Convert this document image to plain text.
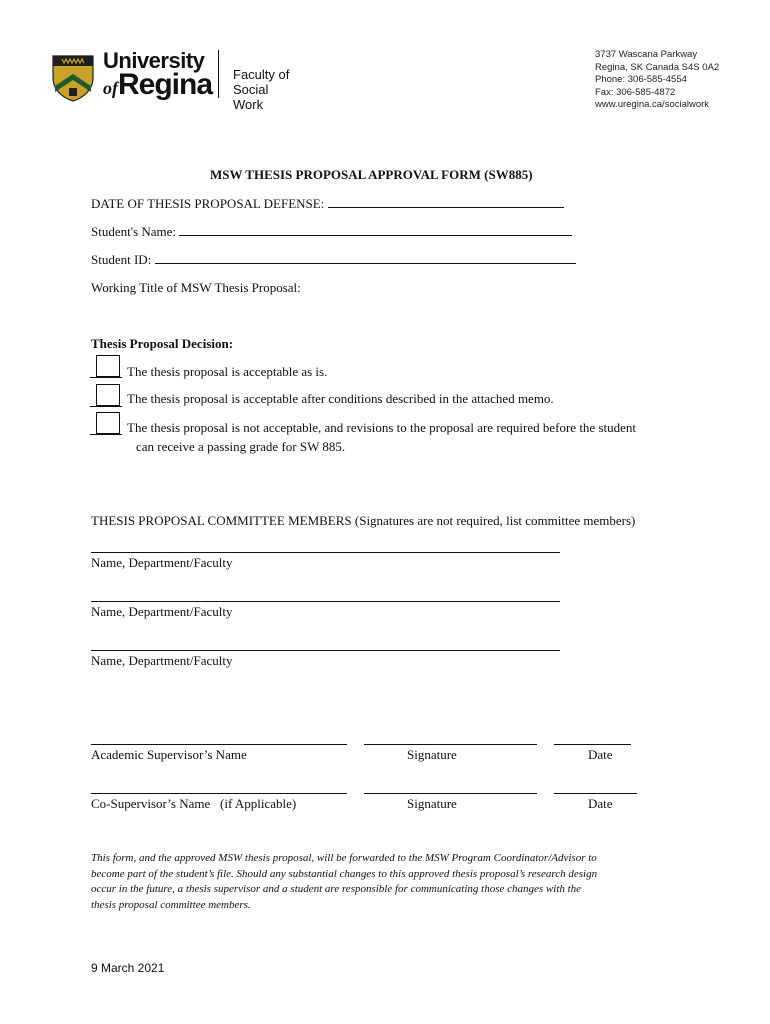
University
ofRegina Faculty of
Social Work
3737 Wascana Parkway
Regina, SK Canada S4S 0A2
Phone: 306-585-4554
Fax: 306-585-4872
www.uregina.ca/socialwork
MSW THESIS PROPOSAL APPROVAL FORM (SW885)
DATE OF THESIS PROPOSAL DEFENSE:
Student's Name:
Student ID:
Working Title of MSW Thesis Proposal:
Thesis Proposal Decision:
The thesis proposal is acceptable as is.
The thesis proposal is acceptable after conditions described in the attached memo.
The thesis proposal is not acceptable, and revisions to the proposal are required before the student
can receive a passing grade for SW 885.
THESIS PROPOSAL COMMITTEE MEMBERS (Signatures are not required, list committee members)
Name, Department/Faculty
Name, Department/Faculty
Name, Department/Faculty
Academic Supervisor’s Name	Signature	Date
Co-Supervisor’s Name   (if Applicable)	Signature	Date
This form, and the approved MSW thesis proposal, will be forwarded to the MSW Program Coordinator/Advisor to
become part of the student’s file. Should any substantial changes to this approved thesis proposal’s research design
occur in the future, a thesis supervisor and a student are responsible for communicating those changes with the
thesis proposal committee members.
9 March 2021
